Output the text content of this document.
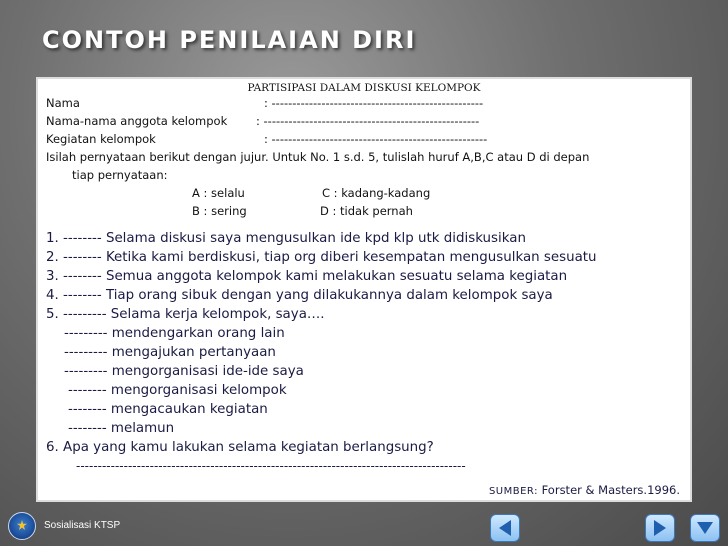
CONTOH PENILAIAN DIRI
PARTISIPASI DALAM DISKUSI KELOMPOK
Nama	: ---------------------------------------------------
Nama-nama anggota kelompok	: ----------------------------------------------------
Kegiatan kelompok	: ----------------------------------------------------
Isilah pernyataan berikut dengan jujur. Untuk No. 1 s.d. 5, tulislah huruf A,B,C atau D di depan
tiap pernyataan:
A : selalu	C : kadang-kadang
B : sering	D : tidak pernah
1. -------- Selama diskusi saya mengusulkan ide kpd klp utk didiskusikan
2. -------- Ketika kami berdiskusi, tiap org diberi kesempatan mengusulkan sesuatu
3. -------- Semua anggota kelompok kami melakukan sesuatu selama kegiatan
4. -------- Tiap orang sibuk dengan yang dilakukannya dalam kelompok saya
5. --------- Selama kerja kelompok, saya….
--------- mendengarkan orang lain
--------- mengajukan pertanyaan
--------- mengorganisasi ide-ide saya
-------- mengorganisasi kelompok
-------- mengacaukan kegiatan
-------- melamun
6. Apa yang kamu lakukan selama kegiatan berlangsung?
------------------------------------------------------------------------------------------
SUMBER: Forster & Masters.1996.
Sosialisasi KTSP
